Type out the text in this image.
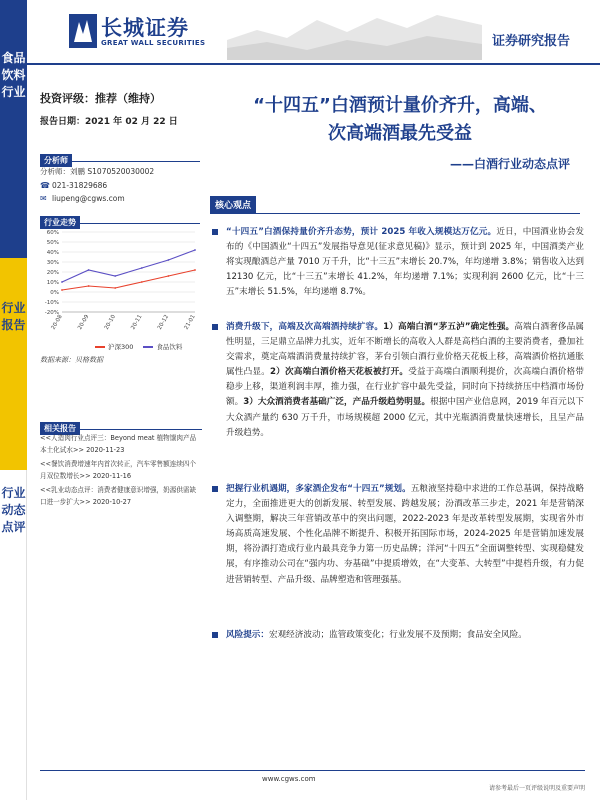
食品饮料行业
行业报告
行业动态点评
长城证券
GREAT WALL SECURITIES	证券研究报告
投资评级：推荐（维持）
报告日期：2021 年 02 月 22 日
分析师
分析师：刘鹏 S1070520030002
☎ 021-31829686
✉ liupeng@cgws.com
行业走势
-20%
-10%
0%
10%
20%
30%
40%
50%
60%
20-08 20-09 20-10 20-11 20-12 21-01
沪深300	食品饮料
数据来源：贝格数据
相关报告
<<人造肉行业点评三：Beyond meat 植物馕肉产品本土化试水>> 2020-11-23
<<餐饮消费增速年内首次转正，汽车零售额连续四个月双位数增长>> 2020-11-16
<<乳业动态点评：消费者健康意识增强，奶源供需缺口进一步扩大>> 2020-10-27
“十四五”白酒预计量价齐升，高端、
次高端酒最先受益
——白酒行业动态点评
核心观点
“十四五”白酒保持量价齐升态势，预计 2025 年收入规模达万亿元。近日，中国酒业协会发布的《中国酒业“十四五”发展指导意见(征求意见稿)》显示，预计到 2025 年，中国酒类产业将实现酿酒总产量 7010 万千升，比“十三五”末增长 20.7%，年均递增 3.8%；销售收入达到 12130 亿元，比“十三五”末增长 41.2%，年均递增 7.1%；实现利润 2600 亿元，比“十三五”末增长 51.5%，年均递增 8.7%。
消费升级下，高端及次高端酒持续扩容。1）高端白酒“茅五泸”确定性强。高端白酒奢侈品属性明显，三足鼎立品牌力扎实，近年不断增长的高收入人群是高档白酒的主要消费者，叠加社交需求，奠定高端酒消费量持续扩容，茅台引领白酒行业价格天花板上移，高端酒价格抗通胀属性凸显。2）次高端白酒价格天花板被打开。受益于高端白酒顺利提价，次高端白酒价格带稳步上移，渠道利润丰厚，推力强，在行业扩容中最先受益，同时向下持续挤压中档酒市场份额。3）大众酒消费者基础广泛，产品升级趋势明显。根据中国产业信息网，2019 年百元以下大众酒产量约 630 万千升，市场规模超 2000 亿元，其中光瓶酒消费量快速增长，且呈产品升级趋势。
把握行业机遇期，多家酒企发布“十四五”规划。五粮液坚持稳中求进的工作总基调，保持战略定力，全面推进更大的创新发展、转型发展、跨越发展；汾酒改革三步走，2021 年是营销深入调整期，解决三年营销改革中的突出问题，2022-2023 年是改革转型发展期，实现省外市场高质高速发展、个性化品牌不断提升、积极开拓国际市场，2024-2025 年是营销加速发展期，将汾酒打造成行业内最具竞争力第一历史品牌；洋河“十四五”全面调整转型、实现稳健发展，有序推动公司在“强内功、夯基础”中提质增效，在“大变革、大转型”中提档升级，有力促进营销转型、产品升级、品牌塑造和管理强基。
风险提示：宏观经济波动；监管政策变化；行业发展不及预期；食品安全风险。
www.cgws.com
请参考最后一页评级说明及重要声明
